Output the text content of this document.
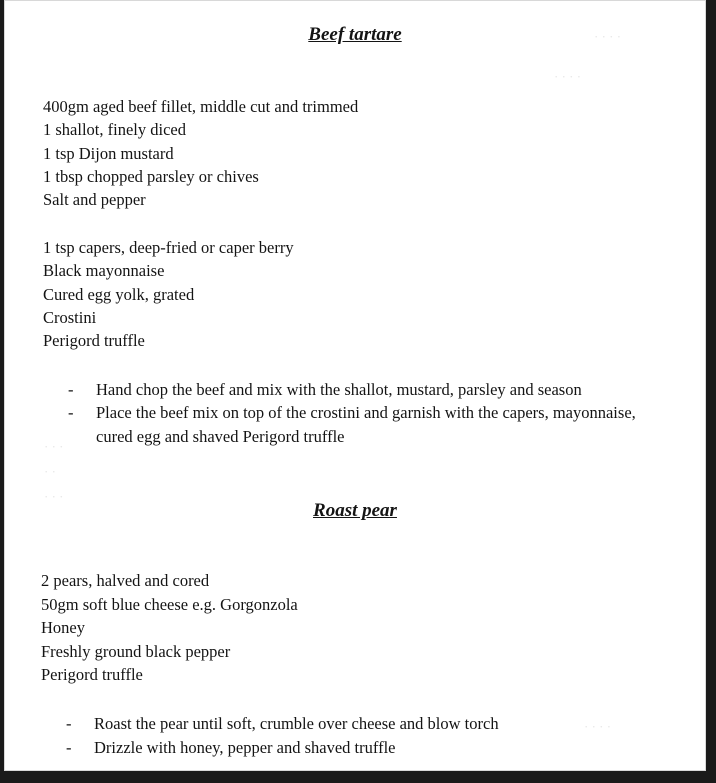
Beef tartare
400gm aged beef fillet, middle cut and trimmed
1 shallot, finely diced
1 tsp Dijon mustard
1 tbsp chopped parsley or chives
Salt and pepper
1 tsp capers, deep-fried or caper berry
Black mayonnaise
Cured egg yolk, grated
Crostini
Perigord truffle
- Hand chop the beef and mix with the shallot, mustard, parsley and season
- Place the beef mix on top of the crostini and garnish with the capers, mayonnaise,
cured egg and shaved Perigord truffle
Roast pear
2 pears, halved and cored
50gm soft blue cheese e.g. Gorgonzola
Honey
Freshly ground black pepper
Perigord truffle
- Roast the pear until soft, crumble over cheese and blow torch
- Drizzle with honey, pepper and shaved truffle
· · · ·
· · · ·
· · ·
· ·
· · ·
· · · ·
